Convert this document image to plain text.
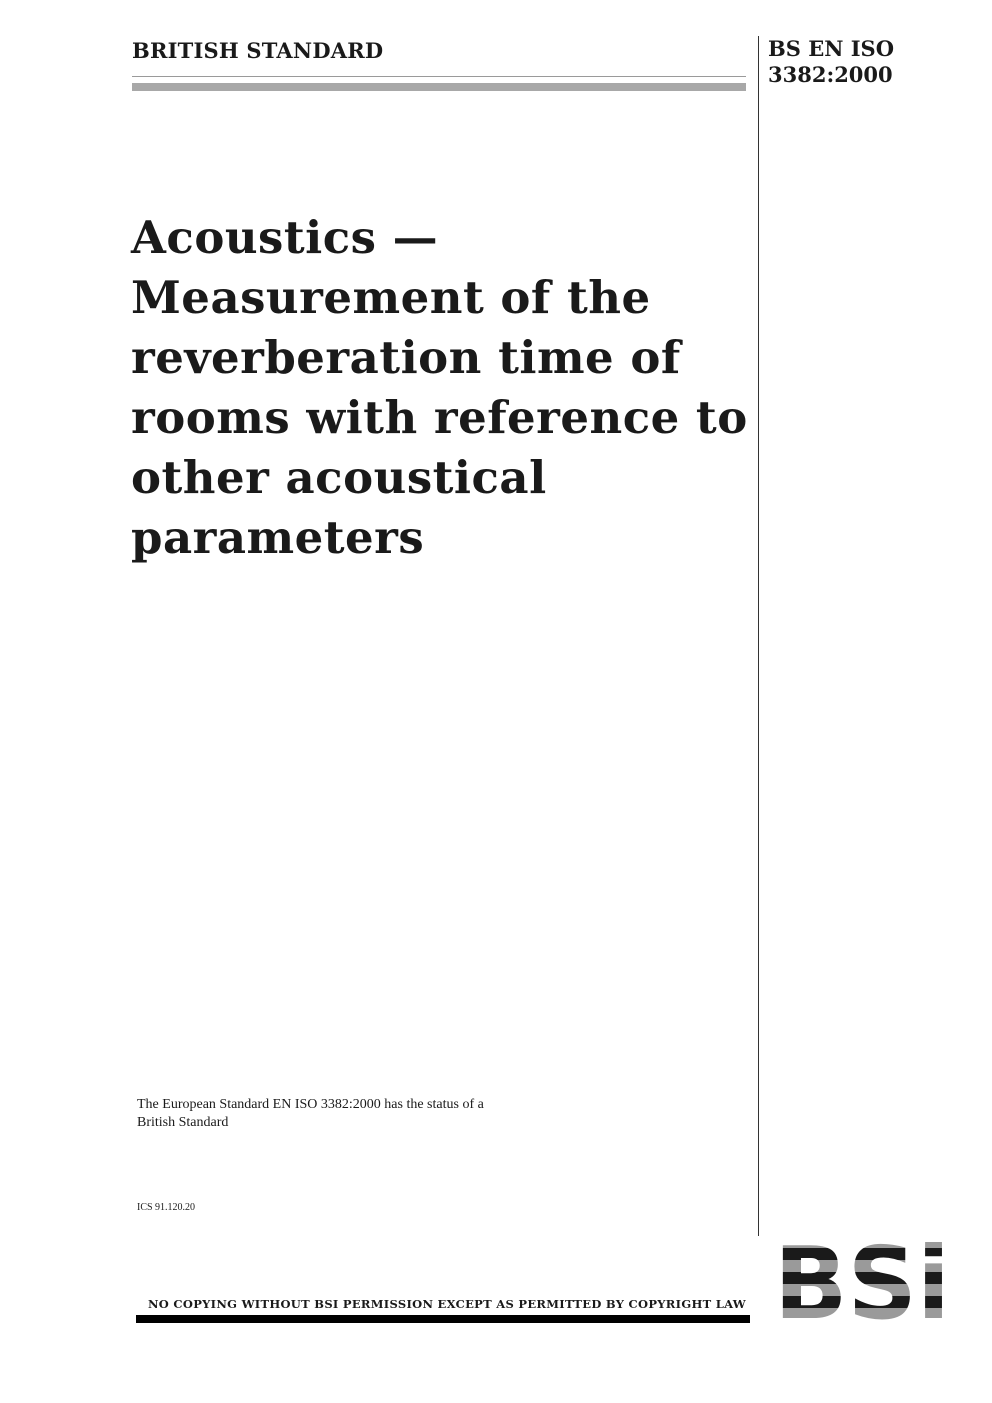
BRITISH STANDARD	BS EN ISO
3382:2000
Acoustics —
Measurement of the
reverberation time of
rooms with reference to
other acoustical
parameters
The European Standard EN ISO 3382:2000 has the status of a
British Standard
ICS 91.120.20
NO COPYING WITHOUT BSI PERMISSION EXCEPT AS PERMITTED BY COPYRIGHT LAW
